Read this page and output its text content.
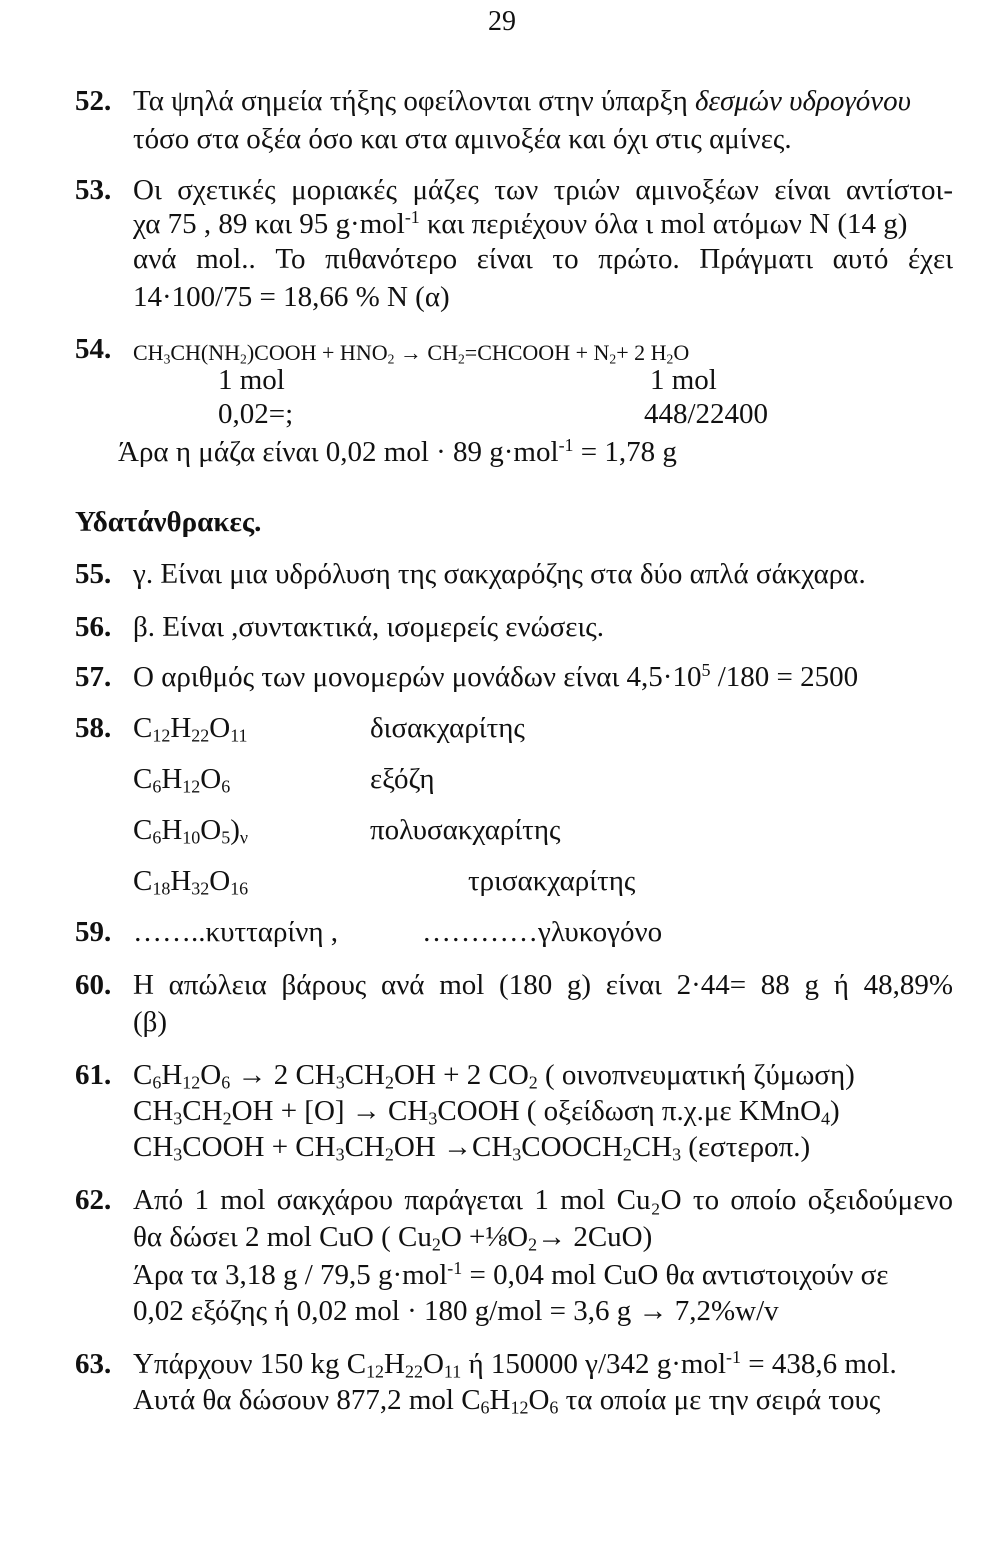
29
52. Τα ψηλά σημεία τήξης οφείλονται στην ύπαρξη δεσμών υδρογόνου
τόσο στα οξέα όσο και στα αμινοξέα και όχι στις αμίνες.
53. Οι σχετικές μοριακές μάζες των τριών αμινοξέων είναι αντίστοι-
χα 75 , 89 και 95 g·mol$^{-1}$ και περιέχουν όλα ι mol ατόμων N (14 g)
ανά mol.. Το πιθανότερο είναι το πρώτο. Πράγματι αυτό έχει
14·100/75 = 18,66 % N (α)
54. $CH_3CH(NH_2)COOH + HNO_2$ → $CH_2=CHCOOH + N_2+ 2$ $H_2O$
1 mol	1 mol
0,02=;	448/22400
Άρα η μάζα είναι 0,02 mol · 89 g·mol$^{-1}$ = 1,78 g
Υδατάνθρακες.
55. γ. Είναι μια υδρόλυση της σακχαρόζης στα δύο απλά σάκχαρα.
56. β. Είναι ,συντακτικά, ισομερείς ενώσεις.
57. Ο αριθμός των μονομερών μονάδων είναι $4,5\cdot 10^5$ /180 = 2500
58. $C_{12}H_{22}O_{11}$	δισακχαρίτης
$C_6H_{12}O_6$	εξόζη
$C_6H_{10}O_5)_\nu$	πολυσακχαρίτης
$C_{18}H_{32}O_{16}$	τρισακχαρίτης
59. ……..κυτταρίνη ,	…………γλυκογόνο
60. Η απώλεια βάρους ανά mol (180 g) είναι 2·44= 88 g ή 48,89%
(β)
61. $C_6H_{12}O_6 \to 2$ $CH_3CH_2OH + 2$ $CO_2$ ( οινοπνευματική ζύμωση)
$CH_3CH_2OH + [O]$ → $CH_3COOH$ ( οξείδωση π.χ.με KMnO$_4$)
$CH_3COOH + CH_3CH_2OH$ $\to CH_3COOCH_2CH_3$ (εστεροπ.)
62. Από 1 mol σακχάρου παράγεται 1 mol Cu₂O το οποίο οξειδούμενο
θα δώσει 2 mol CuO ( $Cu_2O$ $+\frac{1}{8}O_2\to 2CuO$)
Άρα τα 3,18 g / 79,5 g·mol$^{-1}$ = 0,04 mol CuO θα αντιστοιχούν σε
0,02 εξόζης ή 0,02 mol · 180 g/mol = 3,6 g → 7,2%w/v
63. Υπάρχουν 150 kg $C_{12}H_{22}O_{11}$ ή 150000 γ/342 g·mol$^{-1}$ = 438,6 mol.
Αυτά θα δώσουν 877,2 mol $C_6H_{12}O_6$ τα οποία με την σειρά τους
